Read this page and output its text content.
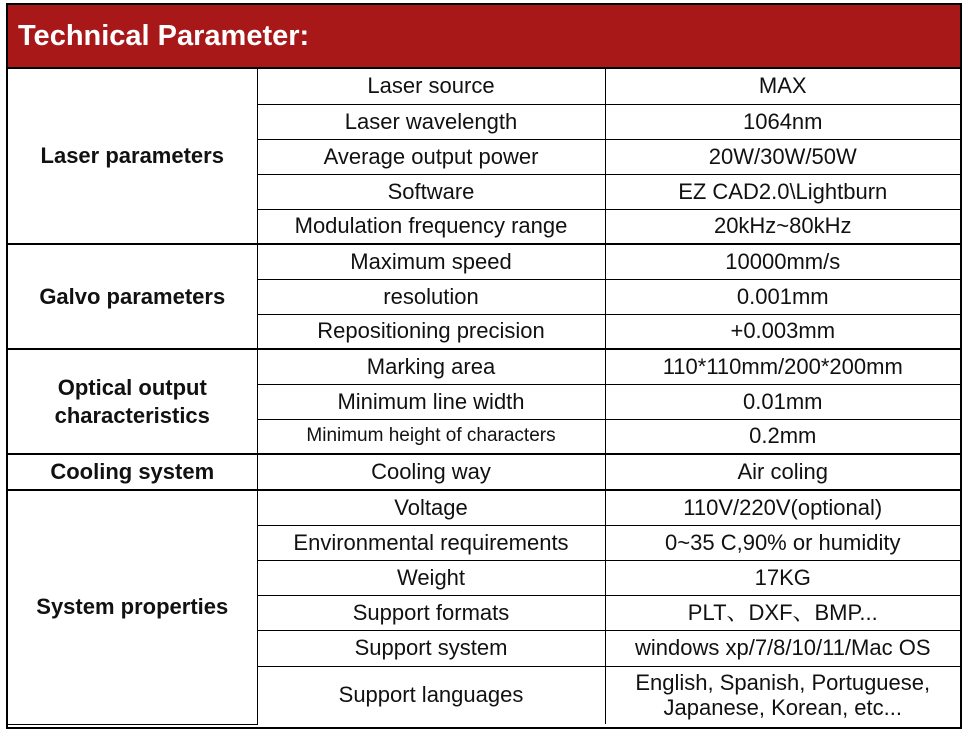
Technical Parameter:
Laser parameters	Laser source	MAX
	Laser wavelength	1064nm
	Average output power	20W/30W/50W
	Software	EZ CAD2.0\Lightburn
	Modulation frequency range	20kHz~80kHz
Galvo parameters	Maximum speed	10000mm/s
	resolution	0.001mm
	Repositioning precision	+0.003mm
Optical output characteristics	Marking area	110*110mm/200*200mm
	Minimum line width	0.01mm
	Minimum height of characters	0.2mm
Cooling system	Cooling way	Air coling
System properties	Voltage	110V/220V(optional)
	Environmental requirements	0~35 C,90% or humidity
	Weight	17KG
	Support formats	PLT、DXF、BMP...
	Support system	windows xp/7/8/10/11/Mac OS
	Support languages	English, Spanish, Portuguese, Japanese, Korean, etc...
